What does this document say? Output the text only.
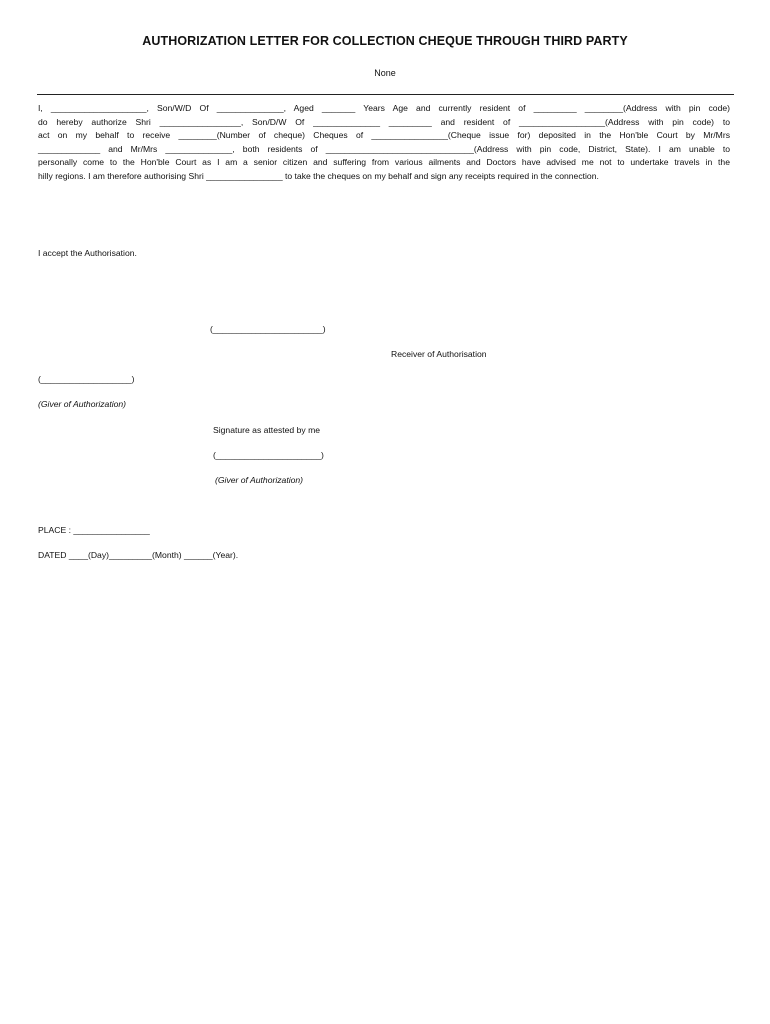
AUTHORIZATION LETTER FOR COLLECTION CHEQUE THROUGH THIRD PARTY
None
I, ____________________, Son/W/D Of ______________, Aged _______ Years Age and currently resident of _________ ________(Address with pin code)
do hereby authorize Shri _________________, Son/D/W Of ______________ _________ and resident of __________________(Address with pin code) to
act on my behalf to receive ________(Number of cheque) Cheques of ________________(Cheque issue for) deposited in the Hon'ble Court by Mr/Mrs
_____________ and Mr/Mrs ______________, both residents of _______________________________(Address with pin code, District, State). I am unable to
personally come to the Hon'ble Court as I am a senior citizen and suffering from various ailments and Doctors have advised me not to undertake travels in the
hilly regions. I am therefore authorising Shri ________________ to take the cheques on my behalf and sign any receipts required in the connection.
I accept the Authorisation.
(_______________________)
Receiver of Authorisation
(___________________)
(Giver of Authorization)
Signature as attested by me
(______________________)
(Giver of Authorization)
PLACE : ________________
DATED ____(Day)_________(Month) ______(Year).
